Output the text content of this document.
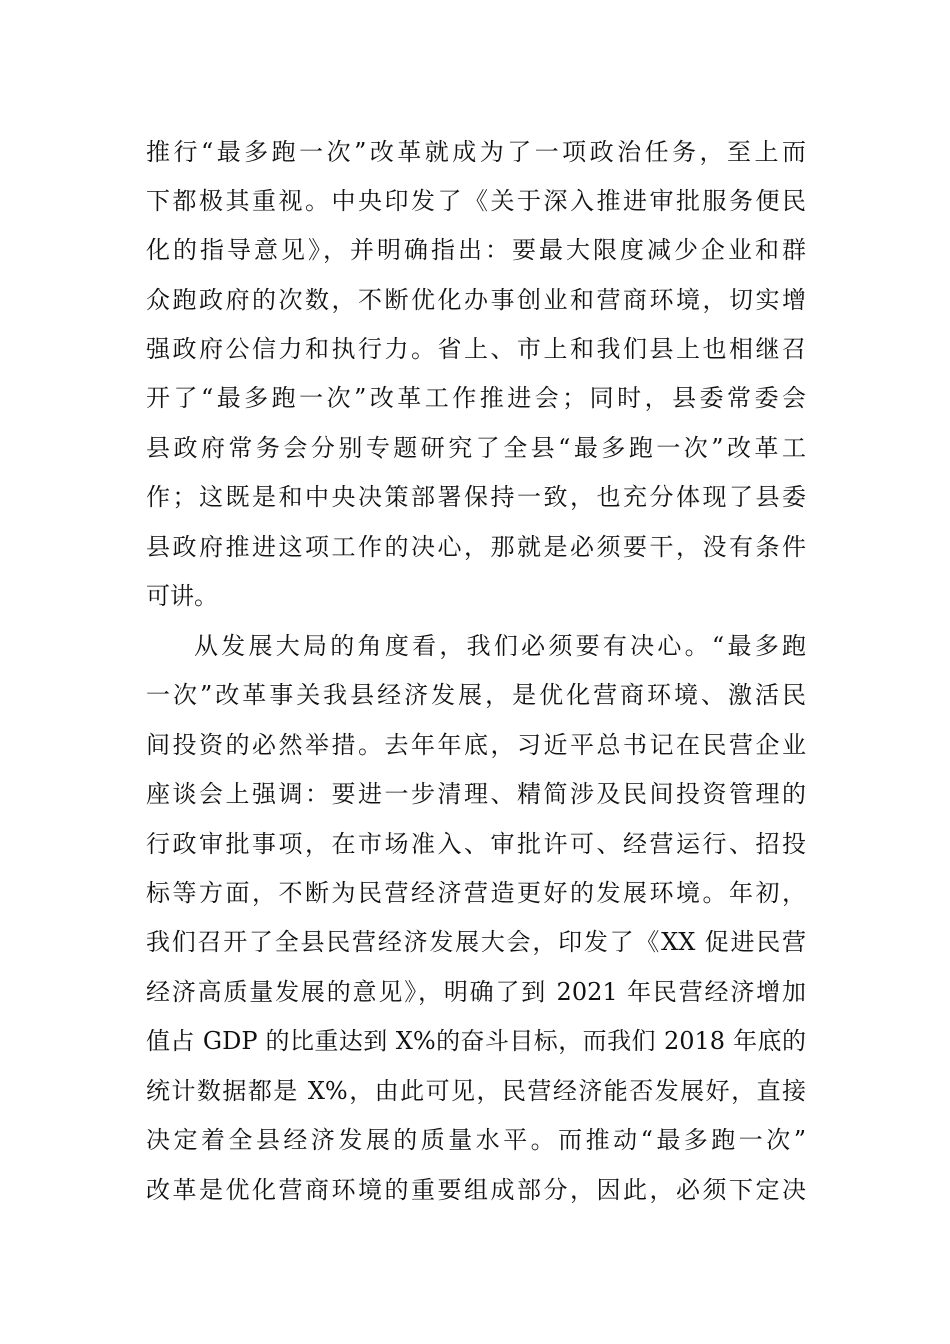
推行“最多跑一次”改革就成为了一项政治任务，至上而
下都极其重视。中央印发了《关于深入推进审批服务便民
化的指导意见》，并明确指出：要最大限度减少企业和群
众跑政府的次数，不断优化办事创业和营商环境，切实增
强政府公信力和执行力。省上、市上和我们县上也相继召
开了“最多跑一次”改革工作推进会；同时，县委常委会
县政府常务会分别专题研究了全县“最多跑一次”改革工
作；这既是和中央决策部署保持一致，也充分体现了县委
县政府推进这项工作的决心，那就是必须要干，没有条件
可讲。
从发展大局的角度看，我们必须要有决心。“最多跑
一次”改革事关我县经济发展，是优化营商环境、激活民
间投资的必然举措。去年年底，习近平总书记在民营企业
座谈会上强调：要进一步清理、精简涉及民间投资管理的
行政审批事项，在市场准入、审批许可、经营运行、招投
标等方面，不断为民营经济营造更好的发展环境。年初，
我们召开了全县民营经济发展大会，印发了《XX 促进民营
经济高质量发展的意见》，明确了到 2021 年民营经济增加
值占 GDP 的比重达到 X%的奋斗目标，而我们 2018 年底的
统计数据都是 X%，由此可见，民营经济能否发展好，直接
决定着全县经济发展的质量水平。而推动“最多跑一次”
改革是优化营商环境的重要组成部分，因此，必须下定决
